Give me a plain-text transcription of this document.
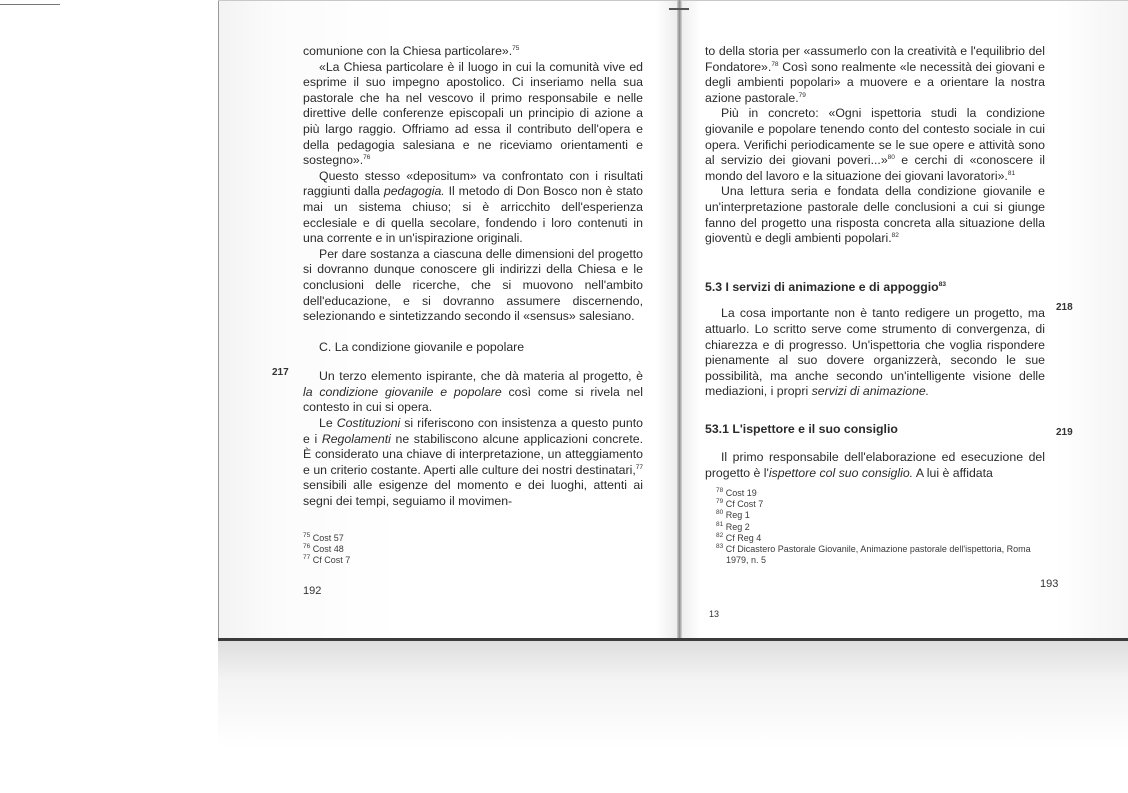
comunione con la Chiesa particolare».$^{75}$

«La Chiesa particolare è il luogo in cui la comunità vive ed esprime il suo impegno apostolico. Ci inseriamo nella sua pastorale che ha nel vescovo il primo responsabile e nelle direttive delle conferenze episcopali un principio di azione a più largo raggio. Offriamo ad essa il contributo dell'opera e della pedagogia salesiana e ne riceviamo orientamenti e sostegno».$^{76}$

Questo stesso «depositum» va confrontato con i risultati raggiunti dalla pedagogia. Il metodo di Don Bosco non è stato mai un sistema chiuso; si è arricchito dell'esperienza ecclesiale e di quella secolare, fondendo i loro contenuti in una corrente e in un'ispirazione originali.

Per dare sostanza a ciascuna delle dimensioni del progetto si dovranno dunque conoscere gli indirizzi della Chiesa e le conclusioni delle ricerche, che si muovono nell'ambito dell'educazione, e si dovranno assumere discernendo, selezionando e sintetizzando secondo il «sensus» salesiano.

C. La condizione giovanile e popolare

Un terzo elemento ispirante, che dà materia al progetto, è la condizione giovanile e popolare così come si rivela nel contesto in cui si opera.

Le Costituzioni si riferiscono con insistenza a questo punto e i Regolamenti ne stabiliscono alcune applicazioni concrete. È considerato una chiave di interpretazione, un atteggiamento e un criterio costante. Aperti alle culture dei nostri destinatari,$^{77}$ sensibili alle esigenze del momento e dei luoghi, attenti ai segni dei tempi, seguiamo il movimen-

217
$^{75}$ Cost 57
$^{76}$ Cost 48
$^{77}$ Cf Cost 7
192

to della storia per «assumerlo con la creatività e l'equilibrio del Fondatore».$^{78}$ Così sono realmente «le necessità dei giovani e degli ambienti popolari» a muovere e a orientare la nostra azione pastorale.$^{79}$

Più in concreto: «Ogni ispettoria studi la condizione giovanile e popolare tenendo conto del contesto sociale in cui opera. Verifichi periodicamente se le sue opere e attività sono al servizio dei giovani poveri...»$^{80}$ e cerchi di «conoscere il mondo del lavoro e la situazione dei giovani lavoratori».$^{81}$

Una lettura seria e fondata della condizione giovanile e un'interpretazione pastorale delle conclusioni a cui si giunge fanno del progetto una risposta concreta alla situazione della gioventù e degli ambienti popolari.$^{82}$

5.3 I servizi di animazione e di appoggio$^{83}$

La cosa importante non è tanto redigere un progetto, ma attuarlo. Lo scritto serve come strumento di convergenza, di chiarezza e di progresso. Un'ispettoria che voglia rispondere pienamente al suo dovere organizzerà, secondo le sue possibilità, ma anche secondo un'intelligente visione delle mediazioni, i propri servizi di animazione.

53.1 L'ispettore e il suo consiglio

Il primo responsabile dell'elaborazione ed esecuzione del progetto è l'ispettore col suo consiglio. A lui è affidata

218
219
$^{78}$ Cost 19
$^{79}$ Cf Cost 7
$^{80}$ Reg 1
$^{81}$ Reg 2
$^{82}$ Cf Reg 4
$^{83}$ Cf Dicastero Pastorale Giovanile, Animazione pastorale dell'ispettoria, Roma 1979, n. 5
193
13
